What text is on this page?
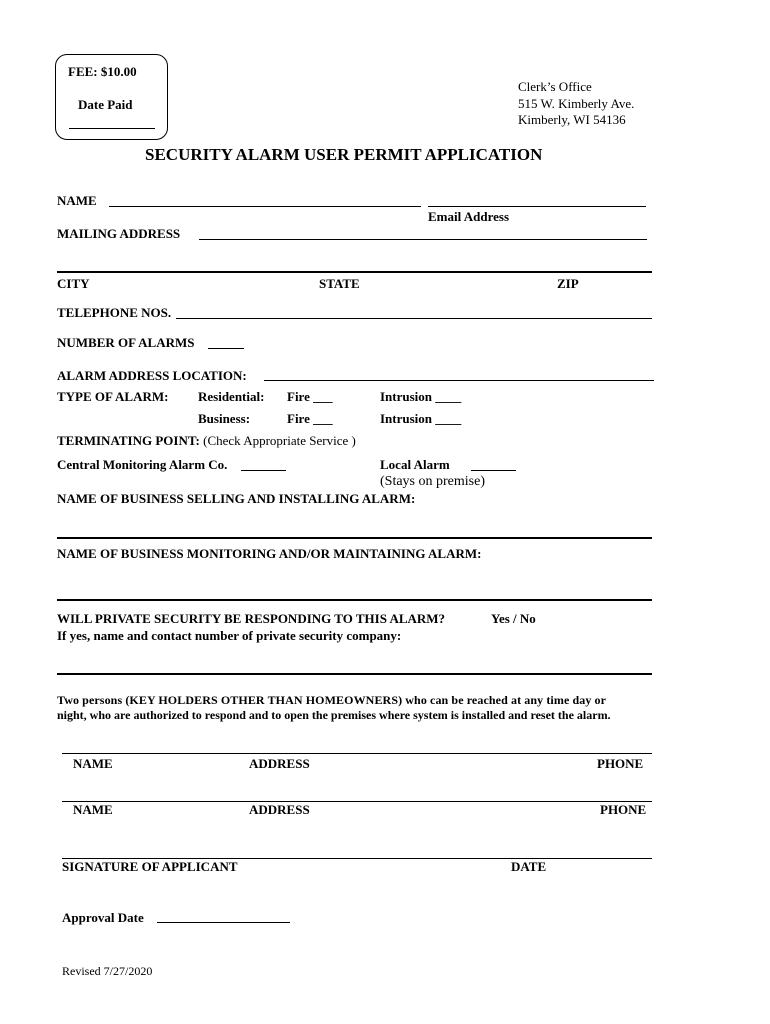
FEE: $10.00
Date Paid
Clerk’s Office
515 W. Kimberly Ave.
Kimberly, WI 54136
SECURITY ALARM USER PERMIT APPLICATION
NAME
Email Address
MAILING ADDRESS
CITY	STATE	ZIP
TELEPHONE NOS.
NUMBER OF ALARMS
ALARM ADDRESS LOCATION:
TYPE OF ALARM: Residential: Fire ___	Intrusion ____
Business:	Fire ___	Intrusion ____
TERMINATING POINT: (Check Appropriate Service )
Central Monitoring Alarm Co.	Local Alarm
(Stays on premise)
NAME OF BUSINESS SELLING AND INSTALLING ALARM:
NAME OF BUSINESS MONITORING AND/OR MAINTAINING ALARM:
WILL PRIVATE SECURITY BE RESPONDING TO THIS ALARM?	Yes / No
If yes, name and contact number of private security company:
Two persons (KEY HOLDERS OTHER THAN HOMEOWNERS) who can be reached at any time day or
night, who are authorized to respond and to open the premises where system is installed and reset the alarm.
NAME	ADDRESS	PHONE
NAME	ADDRESS	PHONE
SIGNATURE OF APPLICANT	DATE
Approval Date
Revised 7/27/2020
